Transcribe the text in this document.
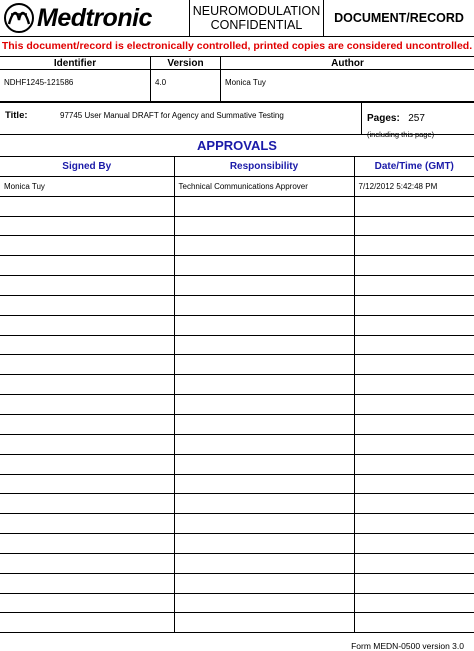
Medtronic	NEUROMODULATION
CONFIDENTIAL	DOCUMENT/RECORD
This document/record is electronically controlled, printed copies are considered uncontrolled.
Identifier	Version	Author
NDHF1245-121586	4.0	Monica Tuy
Title:	97745 User Manual DRAFT for Agency and Summative Testing	Pages: 257
(including this page)
APPROVALS
Signed By	Responsibility	Date/Time (GMT)
Monica Tuy	Technical Communications Approver	7/12/2012 5:42:48 PM

Form MEDN-0500 version 3.0
